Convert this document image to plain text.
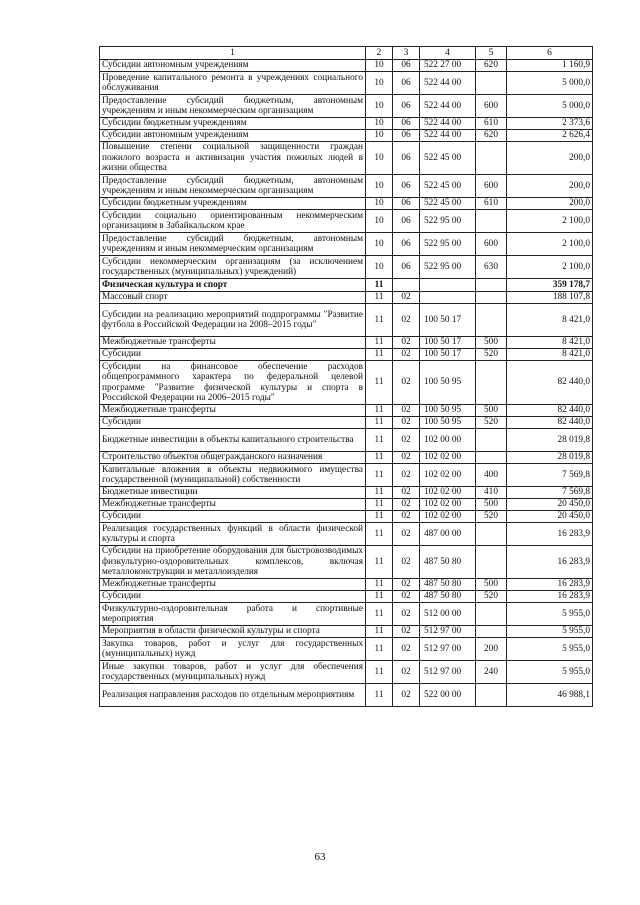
1	2	3	4	5	6
Субсидии автономным учреждениям	10	06	522 27 00	620	1 160,9
Проведение капитального ремонта в учреждениях социального обслуживания	10	06	522 44 00		5 000,0
Предоставление субсидий бюджетным, автономным учреждениям и иным некоммерческим организациям	10	06	522 44 00	600	5 000,0
Субсидии бюджетным учреждениям	10	06	522 44 00	610	2 373,6
Субсидии автономным учреждениям	10	06	522 44 00	620	2 626,4
Повышение степени социальной защищенности граждан пожилого возраста и активизация участия пожилых людей в жизни общества	10	06	522 45 00		200,0
Предоставление субсидий бюджетным, автономным учреждениям и иным некоммерческим организациям	10	06	522 45 00	600	200,0
Субсидии бюджетным учреждениям	10	06	522 45 00	610	200,0
Субсидии социально ориентированным некоммерческим организациям в Забайкальском крае	10	06	522 95 00		2 100,0
Предоставление субсидий бюджетным, автономным учреждениям и иным некоммерческим организациям	10	06	522 95 00	600	2 100,0
Субсидии некоммерческим организациям (за исключением государственных (муниципальных) учреждений)	10	06	522 95 00	630	2 100,0
Физическая культура и спорт	11				359 178,7
Массовый спорт	11	02			188 107,8
Субсидии на реализацию мероприятий подпрограммы "Развитие футбола в Российской Федерации на 2008–2015 годы"	11	02	100 50 17		8 421,0
Межбюджетные трансферты	11	02	100 50 17	500	8 421,0
Субсидии	11	02	100 50 17	520	8 421,0
Субсидии на финансовое обеспечение расходов общепрограммного характера по федеральной целевой программе "Развитие физической культуры и спорта в Российской Федерации на 2006–2015 годы"	11	02	100 50 95		82 440,0
Межбюджетные трансферты	11	02	100 50 95	500	82 440,0
Субсидии	11	02	100 50 95	520	82 440,0
Бюджетные инвестиции в объекты капитального строительства	11	02	102 00 00		28 019,8
Строительство объектов общегражданского назначения	11	02	102 02 00		28 019,8
Капитальные вложения в объекты недвижимого имущества государственной (муниципальной) собственности	11	02	102 02 00	400	7 569,8
Бюджетные инвестиции	11	02	102 02 00	410	7 569,8
Межбюджетные трансферты	11	02	102 02 00	500	20 450,0
Субсидии	11	02	102 02 00	520	20 450,0
Реализация государственных функций в области физической культуры и спорта	11	02	487 00 00		16 283,9
Субсидии на приобретение оборудования для быстровозводимых физкультурно-оздоровительных комплексов, включая металлоконструкции и металлоизделия	11	02	487 50 80		16 283,9
Межбюджетные трансферты	11	02	487 50 80	500	16 283,9
Субсидии	11	02	487 50 80	520	16 283,9
Физкультурно-оздоровительная работа и спортивные мероприятия	11	02	512 00 00		5 955,0
Мероприятия в области физической культуры и спорта	11	02	512 97 00		5 955,0
Закупка товаров, работ и услуг для государственных (муниципальных) нужд	11	02	512 97 00	200	5 955,0
Иные закупки товаров, работ и услуг для обеспечения государственных (муниципальных) нужд	11	02	512 97 00	240	5 955,0
Реализация направления расходов по отдельным мероприятиям	11	02	522 00 00		46 988,1
63
